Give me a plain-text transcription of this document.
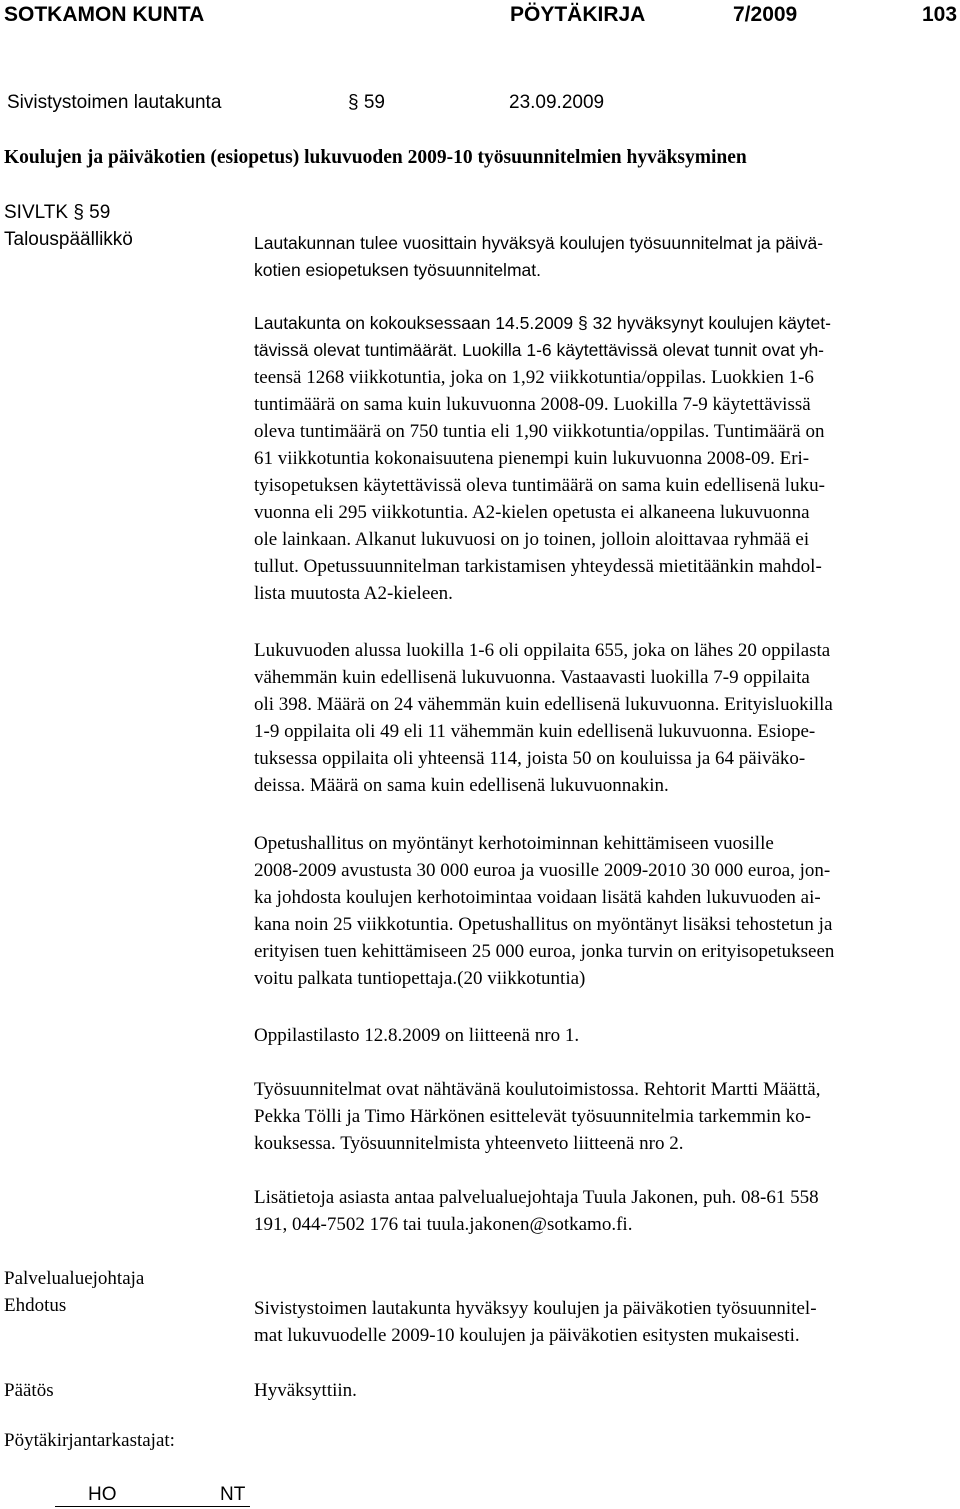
SOTKAMON KUNTA	PÖYTÄKIRJA	7/2009	103
Sivistystoimen lautakunta	§ 59	23.09.2009
Koulujen ja päiväkotien (esiopetus) lukuvuoden 2009-10 työsuunnitelmien hyväksyminen
SIVLTK § 59
Talouspäällikkö	Lautakunnan tulee vuosittain hyväksyä koulujen työsuunnitelmat ja päivä-

kotien esiopetuksen työsuunnitelmat.

Lautakunta on kokouksessaan 14.5.2009 § 32 hyväksynyt koulujen käytet-

tävissä olevat tuntimäärät. Luokilla 1-6 käytettävissä olevat tunnit ovat yh-

teensä 1268 viikkotuntia, joka on 1,92 viikkotuntia/oppilas. Luokkien 1-6

tuntimäärä on sama kuin lukuvuonna 2008-09. Luokilla 7-9 käytettävissä

oleva tuntimäärä on 750 tuntia eli 1,90 viikkotuntia/oppilas. Tuntimäärä on

61 viikkotuntia kokonaisuutena pienempi kuin lukuvuonna 2008-09. Eri-

tyisopetuksen käytettävissä oleva tuntimäärä on sama kuin edellisenä luku-

vuonna eli 295 viikkotuntia. A2-kielen opetusta ei alkaneena lukuvuonna

ole lainkaan. Alkanut lukuvuosi on jo toinen, jolloin aloittavaa ryhmää ei

tullut. Opetussuunnitelman tarkistamisen yhteydessä mietitäänkin mahdol-

lista muutosta A2-kieleen.

Lukuvuoden alussa luokilla 1-6 oli oppilaita 655, joka on lähes 20 oppilasta

vähemmän kuin edellisenä lukuvuonna. Vastaavasti luokilla 7-9 oppilaita

oli 398. Määrä on 24 vähemmän kuin edellisenä lukuvuonna. Erityisluokilla

1-9 oppilaita oli 49 eli 11 vähemmän kuin edellisenä lukuvuonna. Esiope-

tuksessa oppilaita oli yhteensä 114, joista 50 on kouluissa ja 64 päiväko-

deissa. Määrä on sama kuin edellisenä lukuvuonnakin.

Opetushallitus on myöntänyt kerhotoiminnan kehittämiseen vuosille

2008-2009 avustusta 30 000 euroa ja vuosille 2009-2010 30 000 euroa, jon-

ka johdosta koulujen kerhotoimintaa voidaan lisätä kahden lukuvuoden ai-

kana noin 25 viikkotuntia. Opetushallitus on myöntänyt lisäksi tehostetun ja

erityisen tuen kehittämiseen 25 000 euroa, jonka turvin on erityisopetukseen

voitu palkata tuntiopettaja.(20 viikkotuntia)

Oppilastilasto 12.8.2009 on liitteenä nro 1.

Työsuunnitelmat ovat nähtävänä koulutoimistossa. Rehtorit Martti Määttä,

Pekka Tölli ja Timo Härkönen esittelevät työsuunnitelmia tarkemmin ko-

kouksessa. Työsuunnitelmista yhteenveto liitteenä nro 2.

Lisätietoja asiasta antaa palvelualuejohtaja Tuula Jakonen, puh. 08-61 558

191, 044-7502 176 tai tuula.jakonen@sotkamo.fi.

Palvelualuejohtaja
Ehdotus	Sivistystoimen lautakunta hyväksyy koulujen ja päiväkotien työsuunnitel-

mat lukuvuodelle 2009-10 koulujen ja päiväkotien esitysten mukaisesti.

Päätös	Hyväksyttiin.
Pöytäkirjantarkastajat:
HO	NT
